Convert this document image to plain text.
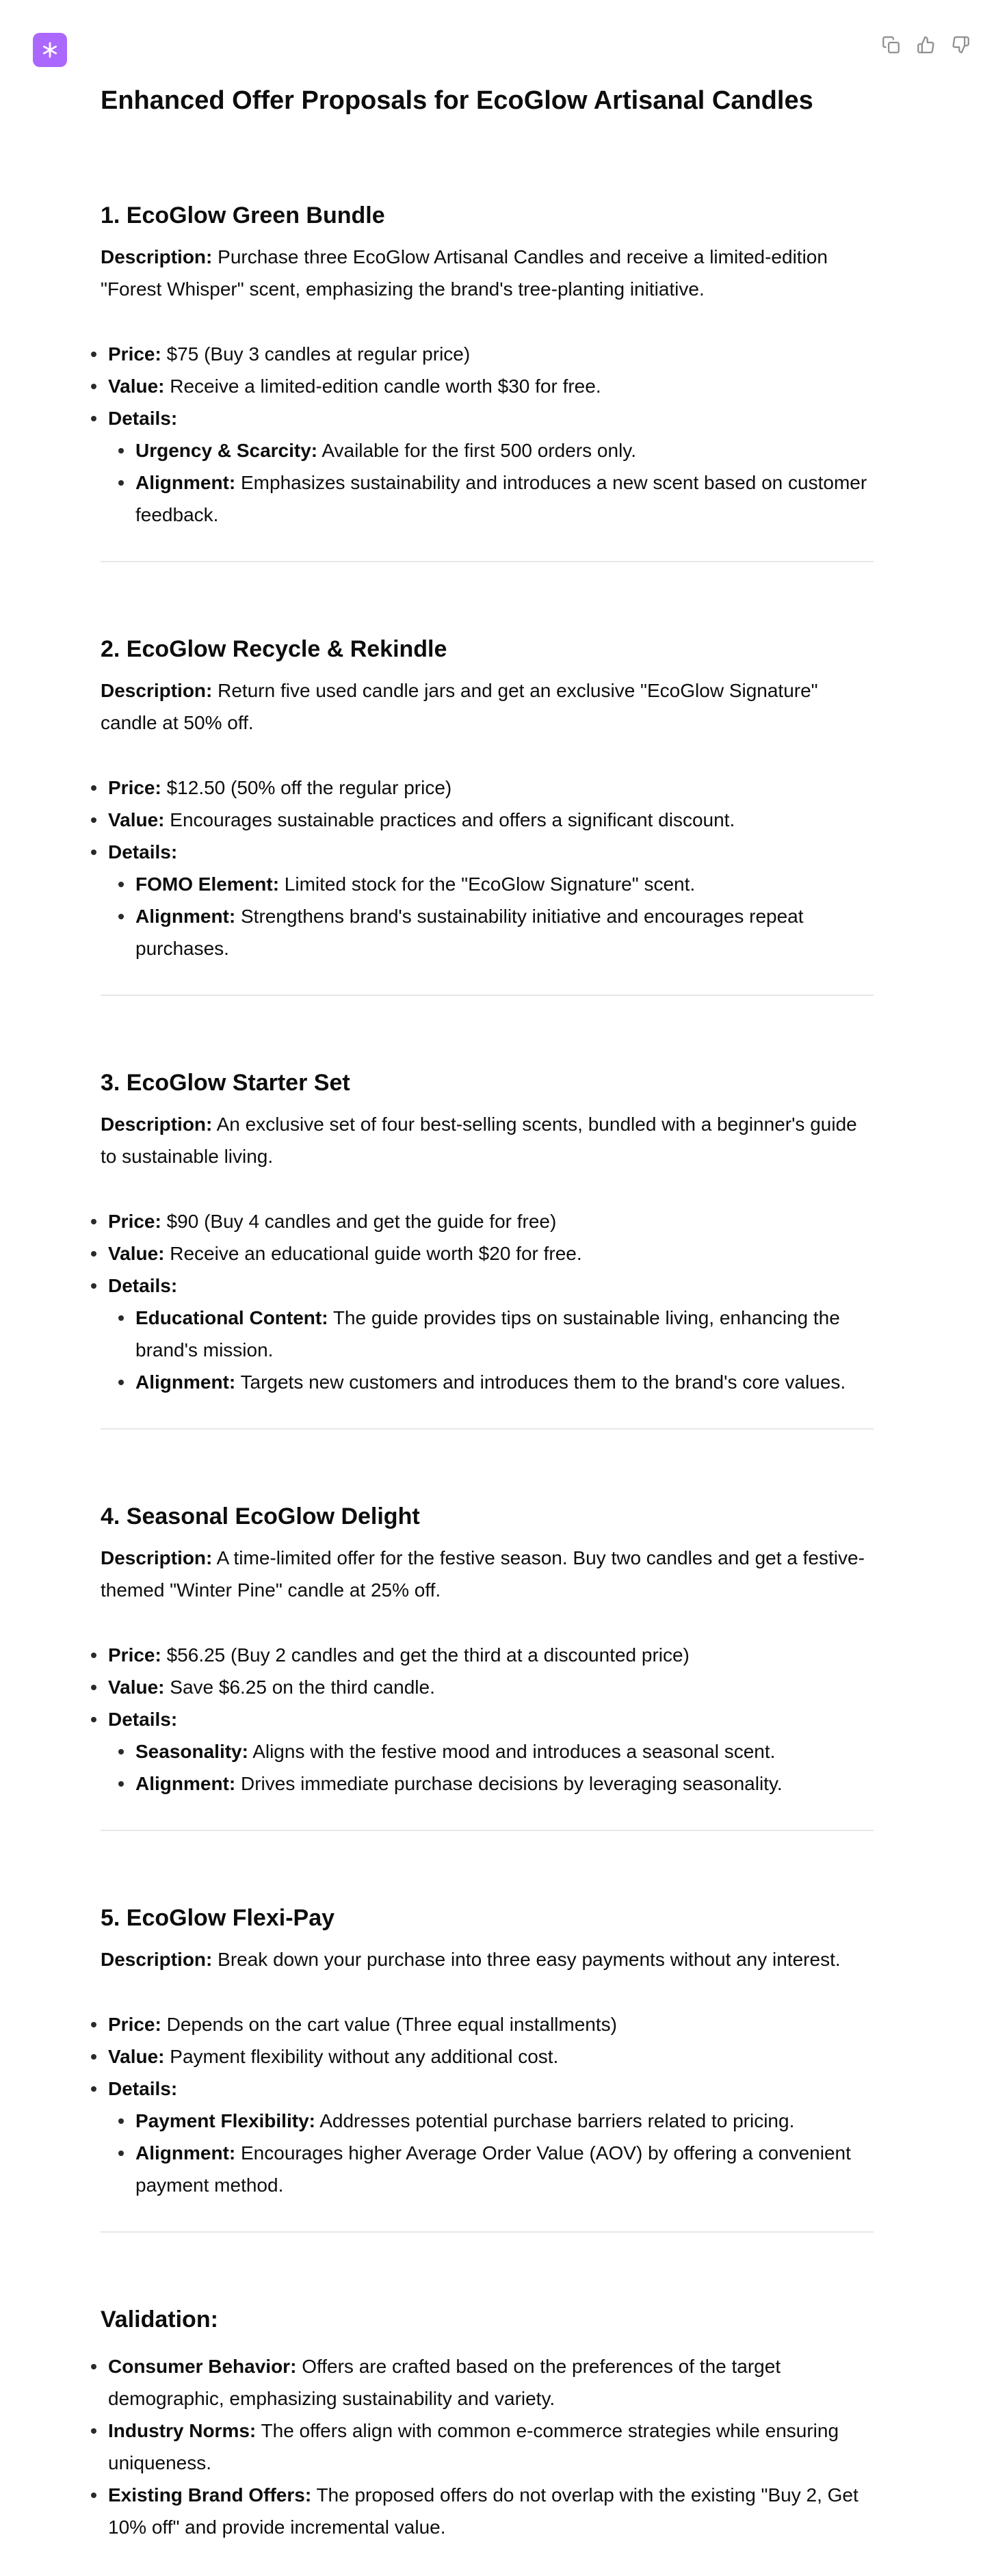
Enhanced Offer Proposals for EcoGlow Artisanal Candles
1. EcoGlow Green Bundle

Description: Purchase three EcoGlow Artisanal Candles and receive a limited-edition "Forest Whisper" scent, emphasizing the brand's tree-planting initiative.

Price: $75 (Buy 3 candles at regular price)
Value: Receive a limited-edition candle worth $30 for free.
Details:
Urgency & Scarcity: Available for the first 500 orders only.
Alignment: Emphasizes sustainability and introduces a new scent based on customer feedback.
2. EcoGlow Recycle & Rekindle

Description: Return five used candle jars and get an exclusive "EcoGlow Signature" candle at 50% off.

Price: $12.50 (50% off the regular price)
Value: Encourages sustainable practices and offers a significant discount.
Details:
FOMO Element: Limited stock for the "EcoGlow Signature" scent.
Alignment: Strengthens brand's sustainability initiative and encourages repeat purchases.
3. EcoGlow Starter Set

Description: An exclusive set of four best-selling scents, bundled with a beginner's guide to sustainable living.

Price: $90 (Buy 4 candles and get the guide for free)
Value: Receive an educational guide worth $20 for free.
Details:
Educational Content: The guide provides tips on sustainable living, enhancing the brand's mission.
Alignment: Targets new customers and introduces them to the brand's core values.
4. Seasonal EcoGlow Delight

Description: A time-limited offer for the festive season. Buy two candles and get a festive-themed "Winter Pine" candle at 25% off.

Price: $56.25 (Buy 2 candles and get the third at a discounted price)
Value: Save $6.25 on the third candle.
Details:
Seasonality: Aligns with the festive mood and introduces a seasonal scent.
Alignment: Drives immediate purchase decisions by leveraging seasonality.
5. EcoGlow Flexi-Pay

Description: Break down your purchase into three easy payments without any interest.

Price: Depends on the cart value (Three equal installments)
Value: Payment flexibility without any additional cost.
Details:
Payment Flexibility: Addresses potential purchase barriers related to pricing.
Alignment: Encourages higher Average Order Value (AOV) by offering a convenient payment method.
Validation:
Consumer Behavior: Offers are crafted based on the preferences of the target demographic, emphasizing sustainability and variety.
Industry Norms: The offers align with common e-commerce strategies while ensuring uniqueness.
Existing Brand Offers: The proposed offers do not overlap with the existing "Buy 2, Get 10% off" and provide incremental value.
